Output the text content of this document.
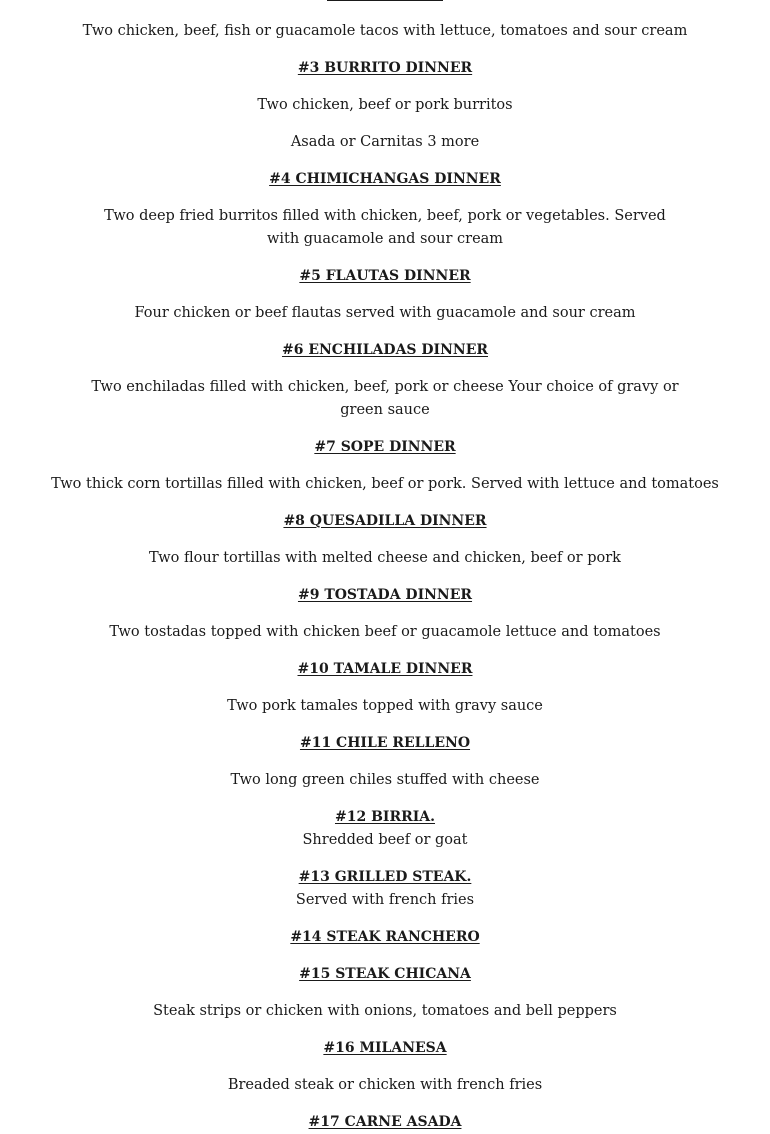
Two chicken, beef, fish or guacamole tacos with lettuce, tomatoes and sour cream
#3 BURRITO DINNER
Two chicken, beef or pork burritos
Asada or Carnitas 3 more
#4 CHIMICHANGAS DINNER
Two deep fried burritos filled with chicken, beef, pork or vegetables. Served with guacamole and sour cream
#5 FLAUTAS DINNER
Four chicken or beef flautas served with guacamole and sour cream
#6 ENCHILADAS DINNER
Two enchiladas filled with chicken, beef, pork or cheese Your choice of gravy or green sauce
#7 SOPE DINNER
Two thick corn tortillas filled with chicken, beef or pork. Served with lettuce and tomatoes
#8 QUESADILLA DINNER
Two flour tortillas with melted cheese and chicken, beef or pork
#9 TOSTADA DINNER
Two tostadas topped with chicken beef or guacamole lettuce and tomatoes
#10 TAMALE DINNER
Two pork tamales topped with gravy sauce
#11 CHILE RELLENO
Two long green chiles stuffed with cheese
#12 BIRRIA.
Shredded beef or goat
#13 GRILLED STEAK.
Served with french fries
#14 STEAK RANCHERO
#15 STEAK CHICANA
Steak strips or chicken with onions, tomatoes and bell peppers
#16 MILANESA
Breaded steak or chicken with french fries
#17 CARNE ASADA
